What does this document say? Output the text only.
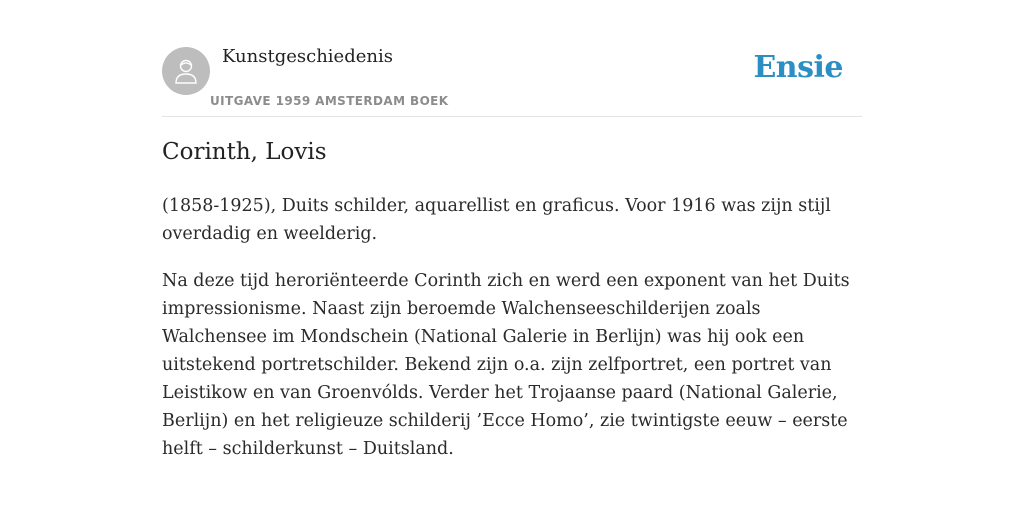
Kunstgeschiedenis
UITGAVE 1959 AMSTERDAM BOEK
Ensie
Corinth, Lovis

(1858-1925), Duits schilder, aquarellist en graficus. Voor 1916 was zijn stijl overdadig en weelderig.

Na deze tijd heroriënteerde Corinth zich en werd een exponent van het Duits impressionisme. Naast zijn beroemde Walchenseeschilderijen zoals Walchensee im Mondschein (National Galerie in Berlijn) was hij ook een uitstekend portretschilder. Bekend zijn o.a. zijn zelfportret, een portret van Leistikow en van Groenvólds. Verder het Trojaanse paard (National Galerie, Berlijn) en het religieuze schilderij ’Ecce Homo’, zie twintigste eeuw – eerste helft – schilderkunst – Duitsland.
